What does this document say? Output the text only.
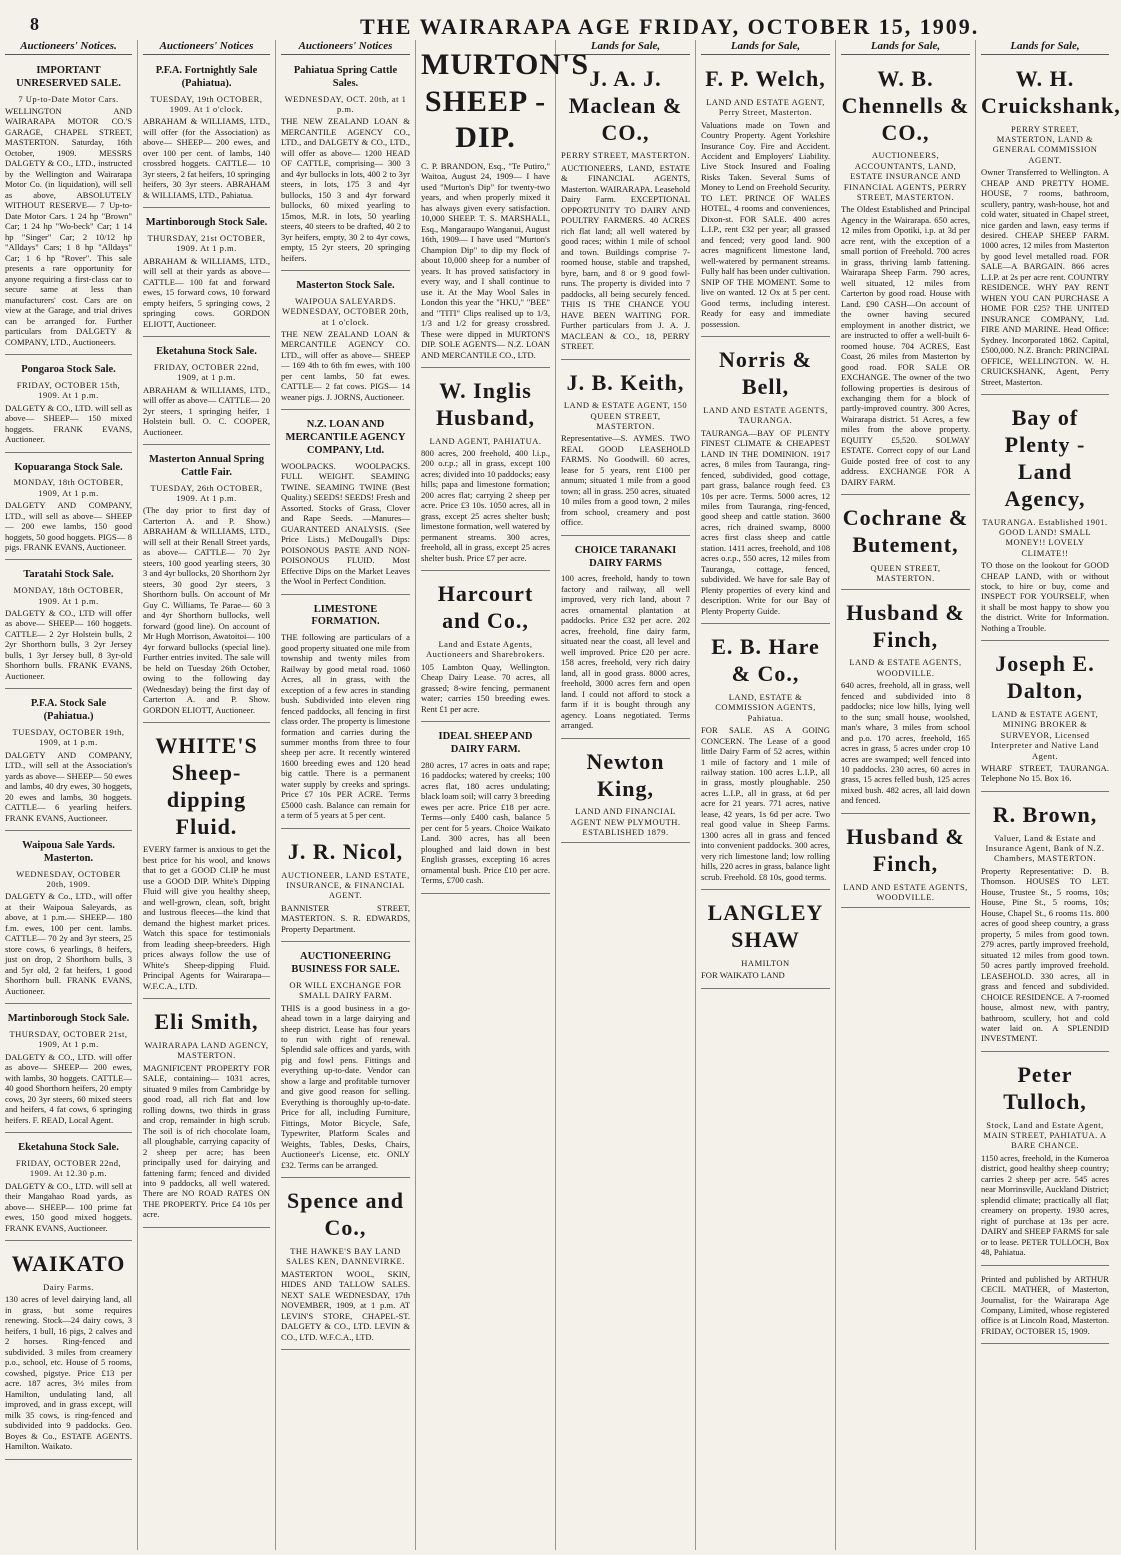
8	THE WAIRARAPA AGE FRIDAY, OCTOBER 15, 1909.
Auctioneers' Notices.
IMPORTANT UNRESERVED SALE.
7 Up-to-Date Motor Cars.

WELLINGTON AND WAIRARAPA MOTOR CO.'S GARAGE, CHAPEL STREET, MASTERTON. Saturday, 16th October, 1909. MESSRS DALGETY & CO., LTD., instructed by the Wellington and Wairarapa Motor Co. (in liquidation), will sell as above, ABSOLUTELY WITHOUT RESERVE— 7 Up-to-Date Motor Cars. 1 24 hp "Brown" Car; 1 24 hp "Wo-beck" Car; 1 14 hp "Singer" Car; 2 10/12 hp "Alldays" Cars; 1 8 hp "Alldays" Car; 1 6 hp "Rover". This sale presents a rare opportunity for anyone requiring a first-class car to secure same at less than manufacturers' cost. Cars are on view at the Garage, and trial drives can be arranged for. Further particulars from DALGETY & COMPANY, LTD., Auctioneers.

Pongaroa Stock Sale.
FRIDAY, OCTOBER 15th, 1909. At 1 p.m.

DALGETY & CO., LTD. will sell as above— SHEEP— 150 mixed hoggets. FRANK EVANS, Auctioneer.

Kopuaranga Stock Sale.
MONDAY, 18th OCTOBER, 1909, At 1 p.m.

DALGETY AND COMPANY, LTD., will sell as above— SHEEP— 200 ewe lambs, 150 good hoggets, 50 good hoggets. PIGS— 8 pigs. FRANK EVANS, Auctioneer.

Taratahi Stock Sale.
MONDAY, 18th OCTOBER, 1909. At 1 p.m.

DALGETY & CO., LTD will offer as above— SHEEP— 160 hoggets. CATTLE— 2 2yr Holstein bulls, 2 2yr Shorthorn bulls, 3 2yr Jersey bulls, 1 3yr Jersey bull, 8 3yr-old Shorthorn bulls. FRANK EVANS, Auctioneer.

P.F.A. Stock Sale (Pahiatua.)
TUESDAY, OCTOBER 19th, 1909, at 1 p.m.

DALGETY AND COMPANY, LTD., will sell at the Association's yards as above— SHEEP— 50 ewes and lambs, 40 dry ewes, 30 hoggets, 20 ewes and lambs, 30 hoggets. CATTLE— 6 yearling heifers. FRANK EVANS, Auctioneer.

Waipoua Sale Yards. Masterton.
WEDNESDAY, OCTOBER 20th, 1909.

DALGETY & Co., LTD., will offer at their Waipoua Saleyards, as above, at 1 p.m.— SHEEP— 180 f.m. ewes, 100 per cent. lambs. CATTLE— 70 2y and 3yr steers, 25 store cows, 6 yearlings, 8 heifers, just on drop, 2 Shorthorn bulls, 3 and 5yr old, 2 fat heifers, 1 good Shorthorn bull. FRANK EVANS, Auctioneer.

Martinborough Stock Sale.
THURSDAY, OCTOBER 21st, 1909, At 1 p.m.

DALGETY & CO., LTD. will offer as above— SHEEP— 200 ewes, with lambs, 30 hoggets. CATTLE— 40 good Shorthorn heifers, 20 empty cows, 20 3yr steers, 60 mixed steers and heifers, 4 fat cows, 6 springing heifers. F. READ, Local Agent.

Eketahuna Stock Sale.
FRIDAY, OCTOBER 22nd, 1909. At 12.30 p.m.

DALGETY & CO., LTD. will sell at their Mangahao Road yards, as above— SHEEP— 100 prime fat ewes, 150 good mixed hoggets. FRANK EVANS, Auctioneer.

WAIKATO
Dairy Farms.

130 acres of level dairying land, all in grass, but some requires renewing. Stock—24 dairy cows, 3 heifers, 1 bull, 16 pigs, 2 calves and 2 horses. Ring-fenced and subdivided. 3 miles from creamery p.o., school, etc. House of 5 rooms, cowshed, pigstye. Price £13 per acre. 187 acres, 3½ miles from Hamilton, undulating land, all improved, and in grass except, will milk 35 cows, is ring-fenced and subdivided into 9 paddocks. Geo. Boyes & Co., ESTATE AGENTS. Hamilton. Waikato.

Auctioneers' Notices
P.F.A. Fortnightly Sale (Pahiatua).
TUESDAY, 19th OCTOBER, 1909. At 1 o'clock.

ABRAHAM & WILLIAMS, LTD., will offer (for the Association) as above— SHEEP— 200 ewes, and over 100 per cent. of lambs, 140 crossbred hoggets. CATTLE— 10 3yr steers, 2 fat heifers, 10 springing heifers, 30 3yr steers. ABRAHAM & WILLIAMS, LTD., Pahiatua.

Martinborough Stock Sale.
THURSDAY, 21st OCTOBER, 1909. At 1 p.m.

ABRAHAM & WILLIAMS, LTD., will sell at their yards as above— CATTLE— 100 fat and forward ewes, 15 forward cows, 10 forward empty heifers, 5 springing cows, 2 springing cows. GORDON ELIOTT, Auctioneer.

Eketahuna Stock Sale.
FRIDAY, OCTOBER 22nd, 1909, at 1 p.m.

ABRAHAM & WILLIAMS, LTD., will offer as above— CATTLE— 20 2yr steers, 1 springing heifer, 1 Holstein bull. O. C. COOPER, Auctioneer.

Masterton Annual Spring Cattle Fair.
TUESDAY, 26th OCTOBER, 1909. At 1 p.m.

(The day prior to first day of Carterton A. and P. Show.) ABRAHAM & WILLIAMS, LTD., will sell at their Renall Street yards, as above— CATTLE— 70 2yr steers, 100 good yearling steers, 30 3 and 4yr bullocks, 20 Shorthorn 2yr steers, 30 good 2yr steers, 3 Shorthorn bulls. On account of Mr Guy C. Williams, Te Parae— 60 3 and 4yr Shorthorn bullocks, well forward (good line). On account of Mr Hugh Morrison, Awatoitoi— 100 4yr forward bullocks (special line). Further entries invited. The sale will be held on Tuesday 26th October, owing to the following day (Wednesday) being the first day of Carterton A. and P. Show. GORDON ELIOTT, Auctioneer.

WHITE'S Sheep-dipping Fluid.

EVERY farmer is anxious to get the best price for his wool, and knows that to get a GOOD CLIP he must use a GOOD DIP. White's Dipping Fluid will give you healthy sheep, and well-grown, clean, soft, bright and lustrous fleeces—the kind that demand the highest market prices. Watch this space for testimonials from leading sheep-breeders. High prices always follow the use of White's Sheep-dipping Fluid. Principal Agents for Wairarapa— W.F.C.A., LTD.

Eli Smith,
WAIRARAPA LAND AGENCY, MASTERTON.

MAGNIFICENT PROPERTY FOR SALE, containing— 1031 acres, situated 9 miles from Cambridge by good road, all rich flat and low rolling downs, two thirds in grass and crop, remainder in high scrub. The soil is of rich chocolate loam, all ploughable, carrying capacity of 2 sheep per acre; has been principally used for dairying and fattening farm; fenced and divided into 9 paddocks, all well watered. There are NO ROAD RATES ON THE PROPERTY. Price £4 10s per acre.

Auctioneers' Notices
Pahiatua Spring Cattle Sales.
WEDNESDAY, OCT. 20th, at 1 p.m.

THE NEW ZEALAND LOAN & MERCANTILE AGENCY CO., LTD., and DALGETY & CO., LTD., will offer as above— 1200 HEAD OF CATTLE, comprising— 300 3 and 4yr bullocks in lots, 400 2 to 3yr steers, in lots, 175 3 and 4yr bullocks, 150 3 and 4yr forward bullocks, 60 mixed yearling to 15mos, M.R. in lots, 50 yearling steers, 40 steers to be drafted, 40 2 to 3yr heifers, empty, 30 2 to 4yr cows, empty, 15 2yr steers, 20 springing heifers.

Masterton Stock Sale.
WAIPOUA SALEYARDS. WEDNESDAY, OCTOBER 20th, at 1 o'clock.

THE NEW ZEALAND LOAN & MERCANTILE AGENCY CO. LTD., will offer as above— SHEEP— 169 4th to 6th fm ewes, with 100 per cent lambs, 50 fat ewes. CATTLE— 2 fat cows. PIGS— 14 weaner pigs. J. JORNS, Auctioneer.

N.Z. LOAN AND MERCANTILE AGENCY COMPANY, Ltd.

WOOLPACKS. WOOLPACKS. FULL WEIGHT. SEAMING TWINE. SEAMING TWINE (Best Quality.) SEEDS! SEEDS! Fresh and Assorted. Stocks of Grass, Clover and Rape Seeds. —Manures— GUARANTEED ANALYSIS. (See Price Lists.) McDougall's Dips: POISONOUS PASTE AND NON-POISONOUS FLUID. Most Effective Dips on the Market Leaves the Wool in Perfect Condition.

LIMESTONE FORMATION.

THE following are particulars of a good property situated one mile from township and twenty miles from Railway by good metal road. 1060 Acres, all in grass, with the exception of a few acres in standing bush. Subdivided into eleven ring fenced paddocks, all fencing in first class order. The property is limestone formation and carries during the summer months from three to four sheep per acre. It recently wintered 1600 breeding ewes and 120 head big cattle. There is a permanent water supply by creeks and springs. Price £7 10s PER ACRE. Terms £5000 cash. Balance can remain for a term of 5 years at 5 per cent.

J. R. Nicol,
AUCTIONEER, LAND ESTATE, INSURANCE, & FINANCIAL AGENT.

BANNISTER STREET, MASTERTON. S. R. EDWARDS, Property Department.

AUCTIONEERING BUSINESS FOR SALE.
OR WILL EXCHANGE FOR SMALL DAIRY FARM.

THIS is a good business in a go-ahead town in a large dairying and sheep district. Lease has four years to run with right of renewal. Splendid sale offices and yards, with pig and fowl pens. Fittings and everything up-to-date. Vendor can show a large and profitable turnover and give good reason for selling. Everything is thoroughly up-to-date. Price for all, including Furniture, Fittings, Motor Bicycle, Safe, Typewriter, Platform Scales and Weights, Tables, Desks, Chairs, Auctioneer's License, etc. ONLY £32. Terms can be arranged.

Spence and Co.,
THE HAWKE'S BAY LAND SALES KEN, DANNEVIRKE.

MASTERTON WOOL, SKIN, HIDES AND TALLOW SALES. NEXT SALE WEDNESDAY, 17th NOVEMBER, 1909, at 1 p.m. AT LEVIN'S STORE, CHAPEL-ST. DALGETY & CO., LTD. LEVIN & CO., LTD. W.F.C.A., LTD.

MURTON'S SHEEP - DIP.

C. P. BRANDON, Esq., "Te Putiro," Waitoa, August 24, 1909— I have used "Murton's Dip" for twenty-two years, and when properly mixed it has always given every satisfaction. 10,000 SHEEP. T. S. MARSHALL, Esq., Mangaraupo Wanganui, August 16th, 1909— I have used "Murton's Champion Dip" to dip my flock of about 10,000 sheep for a number of years. It has proved satisfactory in every way, and I shall continue to use it. At the May Wool Sales in London this year the "HKU," "BEE" and "TITI" Clips realised up to 1/3, 1/3 and 1/2 for greasy crossbred. These were dipped in MURTON'S DIP. SOLE AGENTS— N.Z. LOAN AND MERCANTILE CO., LTD.

W. Inglis Husband,
LAND AGENT, PAHIATUA.

800 acres, 200 freehold, 400 l.i.p., 200 o.r.p.; all in grass, except 100 acres; divided into 10 paddocks; easy hills; papa and limestone formation; 200 acres flat; carrying 2 sheep per acre. Price £3 10s. 1050 acres, all in grass, except 25 acres shelter bush; limestone formation, well watered by permanent streams. 300 acres, freehold, all in grass, except 25 acres shelter bush. Price £7 per acre.

Harcourt and Co.,
Land and Estate Agents, Auctioneers and Sharebrokers.

105 Lambton Quay, Wellington. Cheap Dairy Lease. 70 acres, all grassed; 8-wire fencing, permanent water; carries 150 breeding ewes. Rent £1 per acre.

IDEAL SHEEP AND DAIRY FARM.

280 acres, 17 acres in oats and rape; 16 paddocks; watered by creeks; 100 acres flat, 180 acres undulating; black loam soil; will carry 3 breeding ewes per acre. Price £18 per acre. Terms—only £400 cash, balance 5 per cent for 5 years. Choice Waikato Land. 300 acres, has all been ploughed and laid down in best English grasses, excepting 16 acres ornamental bush. Price £10 per acre. Terms, £700 cash.

Lands for Sale,
J. A. J. Maclean & CO.,
PERRY STREET, MASTERTON.

AUCTIONEERS, LAND, ESTATE & FINANCIAL AGENTS, Masterton. WAIRARAPA. Leasehold Dairy Farm. EXCEPTIONAL OPPORTUNITY TO DAIRY AND POULTRY FARMERS. 40 ACRES rich flat land; all well watered by good races; within 1 mile of school and town. Buildings comprise 7-roomed house, stable and trapshed, byre, barn, and 8 or 9 good fowl-runs. The property is divided into 7 paddocks, all being securely fenced. THIS IS THE CHANCE YOU HAVE BEEN WAITING FOR. Further particulars from J. A. J. MACLEAN & CO., 18, PERRY STREET.

J. B. Keith,
LAND & ESTATE AGENT, 150 QUEEN STREET, MASTERTON.

Representative—S. AYMES. TWO REAL GOOD LEASEHOLD FARMS. No Goodwill. 60 acres, lease for 5 years, rent £100 per annum; situated 1 mile from a good town; all in grass. 250 acres, situated 10 miles from a good town, 2 miles from school, creamery and post office.

CHOICE TARANAKI DAIRY FARMS

100 acres, freehold, handy to town factory and railway, all well improved, very rich land, about 7 acres ornamental plantation at paddocks. Price £32 per acre. 202 acres, freehold, fine dairy farm, situated near the coast, all level and well improved. Price £20 per acre. 158 acres, freehold, very rich dairy land, all in good grass. 8000 acres, freehold, 3000 acres fern and open land. I could not afford to stock a farm if it is bought through any agency. Loans negotiated. Terms arranged.

Newton King,
LAND AND FINANCIAL AGENT NEW PLYMOUTH. ESTABLISHED 1879.
Lands for Sale,
F. P. Welch,
LAND AND ESTATE AGENT, Perry Street, Masterton.

Valuations made on Town and Country Property. Agent Yorkshire Insurance Coy. Fire and Accident. Accident and Employers' Liability. Live Stock Insured and Foaling Risks Taken. Several Sums of Money to Lend on Freehold Security. TO LET. PRINCE OF WALES HOTEL, 4 rooms and conveniences, Dixon-st. FOR SALE. 400 acres L.I.P., rent £32 per year; all grassed and fenced; very good land. 900 acres magnificent limestone land, well-watered by permanent streams. Fully half has been under cultivation. SNIP OF THE MOMENT. Some to live on wanted. 12 Ox at 5 per cent. Good terms, including interest. Ready for easy and immediate possession.

Norris & Bell,
LAND AND ESTATE AGENTS, TAURANGA.

TAURANGA—BAY OF PLENTY FINEST CLIMATE & CHEAPEST LAND IN THE DOMINION. 1917 acres, 8 miles from Tauranga, ring-fenced, subdivided, good cottage, part grass, balance rough feed. £3 10s per acre. Terms. 5000 acres, 12 miles from Tauranga, ring-fenced, good sheep and cattle station. 3600 acres, rich drained swamp, 8000 acres first class sheep and cattle station. 1411 acres, freehold, and 108 acres o.r.p., 550 acres, 12 miles from Tauranga, cottage, fenced, subdivided. We have for sale Bay of Plenty properties of every kind and description. Write for our Bay of Plenty Property Guide.

E. B. Hare & Co.,
LAND, ESTATE & COMMISSION AGENTS, Pahiatua.

FOR SALE. AS A GOING CONCERN. The Lease of a good little Dairy Farm of 52 acres, within 1 mile of factory and 1 mile of railway station. 100 acres L.I.P., all in grass, mostly ploughable. 250 acres L.I.P., all in grass, at 6d per acre for 21 years. 771 acres, native lease, 42 years, 1s 6d per acre. Two real good value in Sheep Farms. 1300 acres all in grass and fenced into convenient paddocks. 300 acres, very rich limestone land; low rolling hills, 220 acres in grass, balance light scrub. Freehold. £8 10s, good terms.

LANGLEY SHAW
HAMILTON

FOR WAIKATO LAND

Lands for Sale,
W. B. Chennells & CO.,
AUCTIONEERS, ACCOUNTANTS, LAND, ESTATE INSURANCE AND FINANCIAL AGENTS, PERRY STREET, MASTERTON.

The Oldest Established and Principal Agency in the Wairarapa. 650 acres, 12 miles from Opotiki, i.p. at 3d per acre rent, with the exception of a small portion of Freehold. 700 acres in grass, thriving lamb fattening. Wairarapa Sheep Farm. 790 acres, well situated, 12 miles from Carterton by good road. House with Land. £90 CASH—On account of the owner having secured employment in another district, we are instructed to offer a well-built 6-roomed house. 704 ACRES, East Coast, 26 miles from Masterton by good road. FOR SALE OR EXCHANGE. The owner of the two following properties is desirous of exchanging them for a block of partly-improved country. 300 Acres, Wairarapa district. 51 Acres, a few miles from the above property. EQUITY £5,520. SOLWAY ESTATE. Correct copy of our Land Guide posted free of cost to any address. EXCHANGE FOR A DAIRY FARM.

Cochrane & Butement,
QUEEN STREET, MASTERTON.
Husband & Finch,
LAND & ESTATE AGENTS, WOODVILLE.

640 acres, freehold, all in grass, well fenced and subdivided into 8 paddocks; nice low hills, lying well to the sun; small house, woolshed, man's whare, 3 miles from school and p.o. 170 acres, freehold, 165 acres in grass, 5 acres under crop 10 acres are swamped; well fenced into 10 paddocks. 230 acres, 60 acres in grass, 15 acres felled bush, 125 acres mixed bush. 482 acres, all laid down and fenced.

Husband & Finch,
LAND AND ESTATE AGENTS, WOODVILLE.
Lands for Sale,
W. H. Cruickshank,
PERRY STREET, MASTERTON, LAND & GENERAL COMMISSION AGENT.

Owner Transferred to Wellington. A CHEAP AND PRETTY HOME. HOUSE, 7 rooms, bathroom, scullery, pantry, wash-house, hot and cold water, situated in Chapel street, nice garden and lawn, easy terms if desired. CHEAP SHEEP FARM. 1000 acres, 12 miles from Masterton by good level metalled road. FOR SALE—A BARGAIN. 866 acres L.I.P. at 2s per acre rent. COUNTRY RESIDENCE. WHY PAY RENT WHEN YOU CAN PURCHASE A HOME FOR £25? THE UNITED INSURANCE COMPANY, Ltd. FIRE AND MARINE. Head Office: Sydney. Incorporated 1862. Capital, £500,000. N.Z. Branch: PRINCIPAL OFFICE, WELLINGTON. W. H. CRUICKSHANK, Agent, Perry Street, Masterton.

Bay of Plenty - Land Agency,
TAURANGA. Established 1901. GOOD LAND! SMALL MONEY!! LOVELY CLIMATE!!

TO those on the lookout for GOOD CHEAP LAND, with or without stock, to hire or buy, come and INSPECT FOR YOURSELF, when it shall be most happy to show you the district. Write for Information. Nothing a Trouble.

Joseph E. Dalton,
LAND & ESTATE AGENT, MINING BROKER & SURVEYOR, Licensed Interpreter and Native Land Agent.

WHARF STREET, TAURANGA. Telephone No 15. Box 16.

R. Brown,
Valuer, Land & Estate and Insurance Agent, Bank of N.Z. Chambers, MASTERTON.

Property Representative: D. B. Thomson. HOUSES TO LET. House, Trustee St., 5 rooms, 10s; House, Pine St., 5 rooms, 10s; House, Chapel St., 6 rooms 11s. 800 acres of good sheep country, a grass property, 5 miles from good town. 279 acres, partly improved freehold, situated 12 miles from good town. 50 acres partly improved freehold. LEASEHOLD. 330 acres, all in grass and fenced and subdivided. CHOICE RESIDENCE. A 7-roomed house, almost new, with pantry, bathroom, scullery, hot and cold water laid on. A SPLENDID INVESTMENT.

Peter Tulloch,
Stock, Land and Estate Agent, MAIN STREET, PAHIATUA. A BARE CHANCE.

1150 acres, freehold, in the Kumeroa district, good healthy sheep country; carries 2 sheep per acre. 545 acres near Morrinsville, Auckland District; splendid climate; practically all flat; creamery on property. 1930 acres, right of purchase at 13s per acre. DAIRY and SHEEP FARMS for sale or to lease. PETER TULLOCH, Box 48, Pahiatua.

Printed and published by ARTHUR CECIL MATHER, of Masterton, Journalist, for the Wairarapa Age Company, Limited, whose registered office is at Lincoln Road, Masterton. FRIDAY, OCTOBER 15, 1909.
